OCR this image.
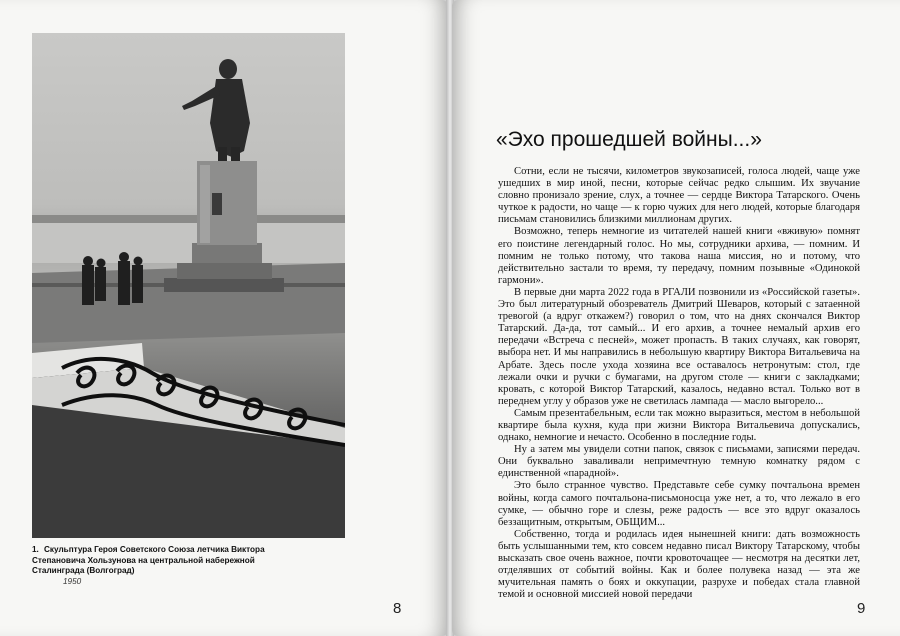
1. Скульптура Героя Советского Союза летчика Виктора
Степановича Хользунова на центральной набережной
Сталинграда (Волгоград)
1950
8
«Эхо прошедшей войны...»

Сотни, если не тысячи, километров звукозаписей, голоса людей, чаще уже ушедших в мир иной, песни, которые сейчас редко слышим. Их звучание словно пронизало зрение, слух, а точнее — сердце Виктора Татарского. Очень чуткое к радости, но чаще — к горю чужих для него людей, которые благодаря письмам становились близкими миллионам других.

Возможно, теперь немногие из читателей нашей книги «вживую» помнят его поистине легендарный голос. Но мы, сотрудники архива, — помним. И помним не только потому, что такова наша миссия, но и потому, что действительно застали то время, ту передачу, помним позывные «Одинокой гармони».

В первые дни марта 2022 года в РГАЛИ позвонили из «Российской газеты». Это был литературный обозреватель Дмитрий Шеваров, который с затаенной тревогой (а вдруг откажем?) говорил о том, что на днях скончался Виктор Татарский. Да-да, тот самый... И его архив, а точнее немалый архив его передачи «Встреча с песней», может пропасть. В таких случаях, как говорят, выбора нет. И мы направились в небольшую квартиру Виктора Витальевича на Арбате. Здесь после ухода хозяина все оставалось нетронутым: стол, где лежали очки и ручки с бумагами, на другом столе — книги с закладками; кровать, с которой Виктор Татарский, казалось, недавно встал. Только вот в переднем углу у образов уже не светилась лампада — масло выгорело...

Самым презентабельным, если так можно выразиться, местом в небольшой квартире была кухня, куда при жизни Виктора Витальевича допускались, однако, немногие и нечасто. Особенно в последние годы.

Ну а затем мы увидели сотни папок, связок с письмами, записями передач. Они буквально заваливали непримечтную темную комнатку рядом с единственной «парадной».

Это было странное чувство. Представьте себе сумку почтальона времен войны, когда самого почтальона-письмоносца уже нет, а то, что лежало в его сумке, — обычно горе и слезы, реже радость — все это вдруг оказалось беззащитным, открытым, ОБЩИМ...

Собственно, тогда и родилась идея нынешней книги: дать возможность быть услышанными тем, кто совсем недавно писал Виктору Татарскому, чтобы высказать свое очень важное, почти кровоточащее — несмотря на десятки лет, отделявших от событий войны. Как и более полувека назад — эта же мучительная память о боях и оккупации, разрухе и победах стала главной темой и основной миссией новой передачи

9
